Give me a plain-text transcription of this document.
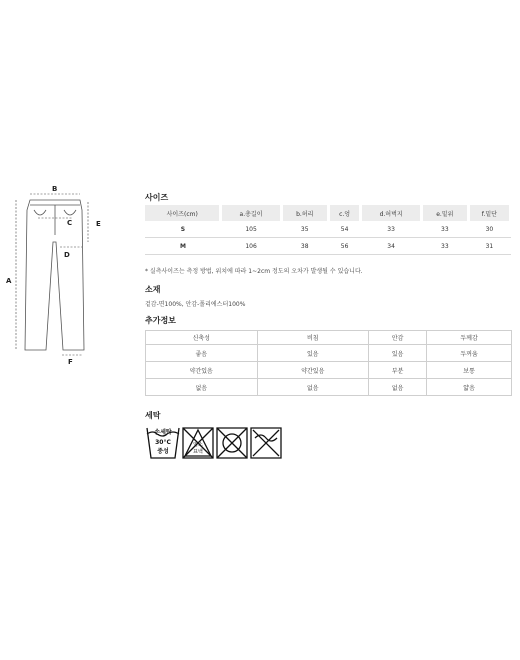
A
B
C
D
E
F
사이즈
사이즈(cm)	a.총길이	b.허리	c.엉	d.허벅지	e.밑위	f.밑단
S	105	35	54	33	33	30
M	106	38	56	34	33	31
* 실측사이즈는 측정 방법, 위치에 따라 1~2cm 정도의 오차가 발생될 수 있습니다.
소재
겉감-면100%, 안감-폴리에스터100%
추가정보
신축성	비침	안감	두께감
좋음	있음	있음	두꺼움
약간있음	약간있음	부분	보통
없음	없음	없음	얇음
세탁
손세탁
30°C
중성
염소
표백
